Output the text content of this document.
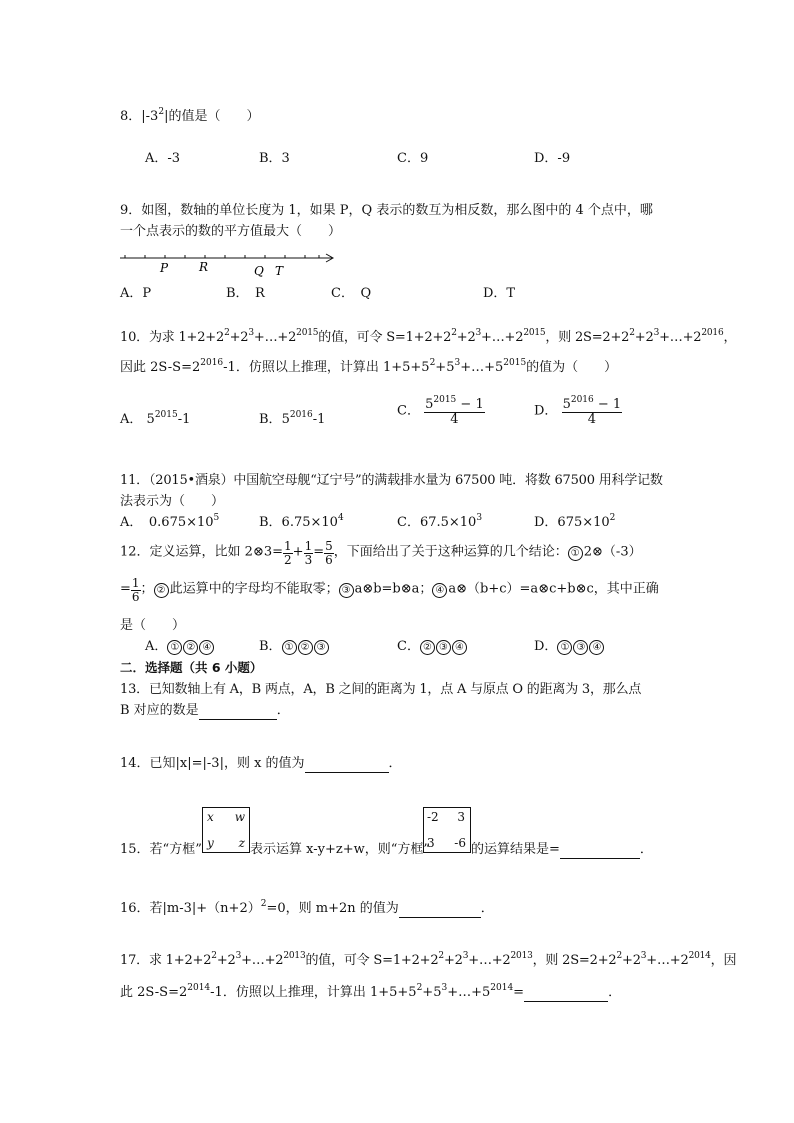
8．$|-3^2|$的值是（　　）
A．-3	B．3	C．9	D．-9
9．如图，数轴的单位长度为 1，如果 P，Q 表示的数互为相反数，那么图中的 4 个点中，哪
一个点表示的数的平方值最大（　　）
P	R	Q T
A．P	B．　R	C．　Q	D．T
10．为求 $1+2+2^2+2^3+\dots+2^{2015}$的值，可令 $S=1+2+2^2+2^3+\dots+2^{2015}$，则 $2S=2+2^2+2^3+\dots+2^{2016}$，
因此 $2S-S=2^{2016}-1$．仿照以上推理，计算出 $1+5+5^2+5^3+\dots+5^{2015}$的值为（　　）
A． $5^{2015}-1$	B．$5^{2016}-1$
C． $\frac{5^{2015} - 1}{4}$	D． $\frac{5^{2016} - 1}{4}$
11．（2015•酒泉）中国航空母舰“辽宁号”的满载排水量为 67500 吨．将数 67500 用科学记数
法表示为（　　）
A．　$0.675\times 10^5$	B．$6.75\times 10^4$	C．$67.5\times 10^3$	D．$675\times 10^2$
12．定义运算，比如 2⊗3= $\frac{1}{2} + \frac{1}{3} = \frac{5}{6}$ ，下面给出了关于这种运算的几个结论： ① 2⊗（-3）
= $\frac{1}{6}$ ； ② 此运算中的字母均不能取零； ③ a⊗b=b⊗a； ④ a⊗（b+c）=a⊗c+b⊗c，其中正确
是（　　）
A． ① ② ④	B． ① ② ③	C． ② ③ ④	D． ① ③ ④
二．选择题（共 6 小题）
13．已知数轴上有 A，B 两点，A，B 之间的距离为 1，点 A 与原点 O 的距离为 3，那么点
B 对应的数是	．
14．已知|x|=|-3|，则 x 的值为	．
x w
y z
-2 3
3 -6
15．若“方框”	表示运算 x-y+z+w，则“方框”	的运算结果是=	．
16．若$|m-3|+(n+2)^2=0$，则 m+2n 的值为	．
17．求 $1+2+2^2+2^3+\dots+2^{2013}$的值，可令 $S=1+2+2^2+2^3+\dots+2^{2013}$，则 $2S=2+2^2+2^3+\dots+2^{2014}$，因
此 $2S-S=2^{2014}-1$．仿照以上推理，计算出 $1+5+5^2+5^3+\dots+5^{2014}=$	．
